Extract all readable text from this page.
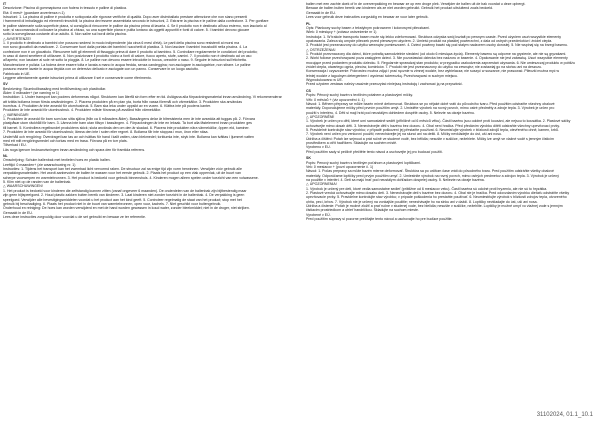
IT
Descrizione: Piscina di gommapiuma con fodera in tessuto e palline di plastica.
Età: 0 mesi+ (guardare avvertenza n.1)
Istruzioni: 1. La piscina di palline è prodotta e sottoposta alle rigorose verifiche di qualità. Dopo aver disimballato prestare attenzione che non siano presenti
i frammenti di imballaggio ed elementi rimovibili; la piscina dev'essere assemblata secondo le istruzioni, 2. Estrarre la piscina e le palline dalla confezione. 3. Per gonfiare
le palline sistemarle sulla superficie piana, si consiglia di rimuovere le palline da piscina prima di lavarla. 4. Se il prodotto non è destinato all'uso esterno, non lasciarlo al
sole; si raccomanda di collocare la piscina al chiuso, su una superficie piana e pulita lontano da oggetti appuntiti e fonti di calore. 5. I bambini devono giocare
sotto la sorveglianza costante di un adulto. 6. Non salire sui bordi della piscina.
△ AVVERTENZE!
1. Il prodotto è destinato a bambini che possono sedersi in modo indipendente (da circa 6 mesi d'età). Le parti della piscina sono resistenti ai morsi ma
non sono giocattoli da masticare. 2. Conservare fuori dalla portata dei bambini i sacchetti di plastica. 3. Non lasciare i bambini incustoditi nella piscina. 4. La
confezione non è un giocattolo. Rimuovere tutti gli elementi di fissaggio prima di dare il prodotto al bambino. 5. Controllare regolarmente le condizioni del prodotto;
in caso di danni smettere di utilizzare. 6. Non posizionare il prodotto vicino a fonti di calore, fuoco aperto, stufe, camini. 7. Il prodotto non è destinato ad un uso
all'aperto; non lasciare al sole né sotto la pioggia. 8. Le palline non devono essere introdotte in bocca, orecchie o naso. 9. Seguire le istruzioni sull'etichetta.
Manutenzione e pulizia: La fodera deve essere tolta e lavata a mano in acqua fredda, senza candeggina; non asciugare in asciugatrice, non stirare. Le palline
possono essere lavate in acqua tiepida con un detersivo delicato e asciugate con un panno. Conservare in un luogo asciutto.
Fabbricato in UE.
Leggere attentamente queste istruzioni prima di utilizzare il set e conservarle come riferimento.
SV
Beskrivning: Skumbollbassäng med textilöverdrag och plastbollar.
Ålder: 0 månader+ (se varning nr 1)
Instruktion: 1. Under transport kan poolens deformeras något. Strukturen kan återfå sin form efter en tid. Avlägsna alla förpackningsmaterial innan användning. Vi rekommenderar
att tvätta bollarna innan första användningen. 2. Placera produkten på en plan yta, borta från vassa föremål och värmekällor. 3. Produkten ska användas
inomhus. 4. Produkten är inte avsedd för utomhusbruk. 5. Barn ska leka under uppsikt av en vuxen. 6. Klättra inte på poolens kanter.
Produkten är inte avsedd för utomhusbruk. 4. Produkten måste förvaras på avstånd från värmekällor.
△ VARNINGAR!
1. Produkten är avsedd för barn som kan sitta själva (från ca 6 månaders ålder). Bassängens delar är bitresistenta men är inte avsedda att tuggas på. 2. Förvara
plastpåsar utom räckhåll för barn. 3. Lämna inte barn utan tillsyn i bassängen. 4. Förpackningen är inte en leksak. Ta bort alla fästelement innan produkten ges
till barnet. 5. Kontrollera regelbundet produktens skick; sluta använda den om den är skadad. 6. Placera inte produkten nära värmekällor, öppen eld, kaminer.
7. Produkten är inte avsedd för utomhusbruk; lämna den inte i solen eller regnet. 8. Bollarna får inte stoppas i mun, öron eller näsa.
Underhåll och rengöring: Överdraget kan tas av och tvättas för hand i kallt vatten, utan blekmedel; torktumla inte, stryk inte. Bollarna kan tvättas i ljummet vatten
med ett milt rengöringsmedel och torkas med en trasa. Förvara på en torr plats.
Tillverkad i EU.
Läs noga igenom bruksanvisningen innan användning och spara den för framtida referens.
NL
Omschrijving: Schuim ballenbak met textielen hoes en plastic ballen.
Leeftijd: 0 maanden+ (zie waarschuwing nr. 1)
Instructies: 1. Tijdens het transport kan het zwembad licht vervormd raken. De structuur zal na enige tijd zijn vorm herwinnen. Verwijder vóór gebruik alle
verpakkingsmaterialen. Het wordt aanbevolen de ballen te wassen voor het eerste gebruik. 2. Plaats het product op een vlak oppervlak, uit de buurt van
scherpe voorwerpen en warmtebronnen. 3. Het product is bedoeld voor gebruik binnenshuis. 4. Kinderen mogen alleen spelen onder toezicht van een volwassene.
5. Klim niet op de randen van de ballenbak.
△ WAARSCHUWINGEN!
1. Het product is bedoeld voor kinderen die zelfstandig kunnen zitten (vanaf ongeveer 6 maanden). De onderdelen van de ballenbak zijn bijtbestendig maar
zijn geen bijtspeelgoed. 2. Houd plastic zakken buiten bereik van kinderen. 3. Laat kinderen niet zonder toezicht in de ballenbak. 4. De verpakking is geen
speelgoed. Verwijder alle bevestigingsmiddelen voordat u het product aan het kind geeft. 5. Controleer regelmatig de staat van het product; stop met het
gebruik bij beschadiging. 6. Plaats het product niet in de buurt van warmtebronnen, open vuur, kachels. 7. Niet geschikt voor buitengebruik.
Onderhoud en reiniging: De hoes kan worden verwijderd en met de hand worden gewassen in koud water, zonder bleekmiddel; niet in de droger, niet strijken.
Gemaakt in de EU.
Lees deze instructies zorgvuldig door voordat u de set gebruikt en bewaar ze ter referentie.
ballen met een zachte doek of in de oververpakking en bewaar ze op een droge plek. Verwijder de ballen uit de bak voordat u deze opbergt.
Bewaar de ballen buiten bereik van kinderen als ze niet worden gebruikt. Gebruik het product uitsluitend zoals bedoeld.
Gemaakt in de EU.
Lees voor gebruik deze instructies zorgvuldig en bewaar ze voor later gebruik.
PL
Opis: Piankowy suchy basen z tekstylnym pokrowcem i kolorowymi piłeczkami.
Wiek: 0 miesięcy + (zobacz ostrzeżenie nr 1)
Instrukcja: 1. W trakcie transportu basen może się lekko zdeformować. Struktura odzyska swój kształt po pewnym czasie. Przed użyciem usuń wszystkie elementy
opakowania. Zaleca się umycie piłeczek przed pierwszym użyciem. 2. Umieść produkt na płaskiej powierzchni, z dala od ostrych przedmiotów i źródeł ciepła.
3. Produkt jest przeznaczony do użytku wewnątrz pomieszczeń. 4. Dzieci powinny bawić się pod stałym nadzorem osoby dorosłej. 5. Nie wspinaj się na brzegi basenu.
△ OSTRZEŻENIA!
1. Produkt przeznaczony dla dzieci, które potrafią samodzielnie siedzieć (od około 6 miesiąca życia). Elementy basenu są odporne na gryzienie, ale nie są gryzakami.
2. Worki foliowe przechowywać poza zasięgiem dzieci. 3. Nie pozostawiać dziecka bez nadzoru w basenie. 4. Opakowanie nie jest zabawką. Usuń wszystkie elementy
mocujące przed podaniem produktu dziecku. 5. Regularnie sprawdzaj stan produktu; w przypadku uszkodzenia zaprzestań używania. 6. Nie umieszczaj produktu w pobliżu
źródeł ciepła, otwartego ognia, pieców, kominków. 7. Produkt nie jest przeznaczony do użytku na zewnątrz; nie zostawiaj go na słońcu ani na deszczu.
Konserwacja i czyszczenie: Pokrowiec można zdjąć i prać ręcznie w zimnej wodzie, bez wybielacza; nie suszyć w suszarce, nie prasować. Piłeczki można myć w
letniej wodzie z łagodnym detergentem i wycierać ściereczką. Przechowywać w suchym miejscu.
Wyprodukowano w UE.
Przed użyciem zestawu należy uważnie przeczytać niniejszą instrukcję i zachować ją na przyszłość.
CS
Popis: Pěnový suchý bazén s textilním potahem a plastovými míčky.
Věk: 0 měsíců + (viz upozornění č. 1)
Návod: 1. Během přepravy se může bazén mírně deformovat. Struktura se po nějaké době vrátí do původního tvaru. Před použitím odstraňte všechny obalové
materiály. Doporučujeme míčky před prvním použitím umýt. 2. Umístěte výrobek na rovný povrch, mimo ostré předměty a zdroje tepla. 3. Výrobek je určen pro
použití v interiéru. 4. Děti si mají hrát pod neustálým dohledem dospělé osoby. 5. Nelezte na okraje bazénu.
△ UPOZORNĚNÍ!
1. Výrobek je určen pro děti, které umí samostatně sedět (přibližně od 6 měsíců věku). Části bazénu jsou odolné proti kousání, ale nejsou to kousátka. 2. Plastové sáčky
uchovávejte mimo dosah dětí. 3. Nenechávejte děti v bazénu bez dozoru. 4. Obal není hračka. Před předáním výrobku dítěti odstraňte všechny upevňovací prvky.
5. Pravidelně kontrolujte stav výrobku; v případě poškození jej přestaňte používat. 6. Neumisťujte výrobek v blízkosti zdrojů tepla, otevřeného ohně, kamen, krbů.
7. Výrobek není určen pro venkovní použití; nenechávejte jej na slunci ani na dešti. 8. Míčky nevkládejte do úst, uší ani nosu.
Údržba a čištění: Potah lze sejmout a prát ručně ve studené vodě, bez bělidla; nesušte v sušičce, nežehlete. Míčky lze umýt ve vlažné vodě s jemným čisticím
prostředkem a otřít hadříkem. Skladujte na suchém místě.
Vyrobeno v EU.
Před použitím sady si pečlivě přečtěte tento návod a uschovejte jej pro budoucí použití.
SK
Popis: Penový suchý bazén s textilným poťahom a plastovými loptičkami.
Vek: 0 mesiacov + (pozri upozornenie č. 1)
Návod: 1. Počas prepravy sa môže bazén mierne deformovať. Štruktúra sa po určitom čase vráti do pôvodného tvaru. Pred použitím odstráňte všetky obalové
materiály. Odporúčame loptičky pred prvým použitím umyť. 2. Umiestnite výrobok na rovný povrch, mimo ostrých predmetov a zdrojov tepla. 3. Výrobok je určený
na použitie v interiéri. 4. Deti sa majú hrať pod neustálym dohľadom dospelej osoby. 5. Neliezte na okraje bazéna.
△ UPOZORNENIA!
1. Výrobok je určený pre deti, ktoré vedia samostatne sedieť (približne od 6 mesiacov veku). Časti bazéna sú odolné proti hryzeniu, ale nie sú to hryzátka.
2. Plastové vrecká uchovávajte mimo dosahu detí. 3. Nenechávajte deti v bazéne bez dozoru. 4. Obal nie je hračka. Pred odovzdaním výrobku dieťaťu odstráňte všetky
upevňovacie prvky. 5. Pravidelne kontrolujte stav výrobku; v prípade poškodenia ho prestaňte používať. 6. Neumiestňujte výrobok v blízkosti zdrojov tepla, otvoreného
ohňa, pecí, krbov. 7. Výrobok nie je určený na vonkajšie použitie; nenechávajte ho na slnku ani v daždi. 8. Loptičky nevkladajte do úst, uší ani nosa.
Údržba a čistenie: Poťah je možné zložiť a prať ručne v studenej vode, bez bielidla; nesušte v sušičke, nežehlite. Loptičky je možné umyť vo vlažnej vode s jemným
čistiacim prostriedkom a utrieť handričkou. Skladujte na suchom mieste.
Vyrobené v EÚ.
Pred použitím súpravy si pozorne prečítajte tento návod a uschovajte ho pre budúce použitie.
31102024, 01.1_10.1
